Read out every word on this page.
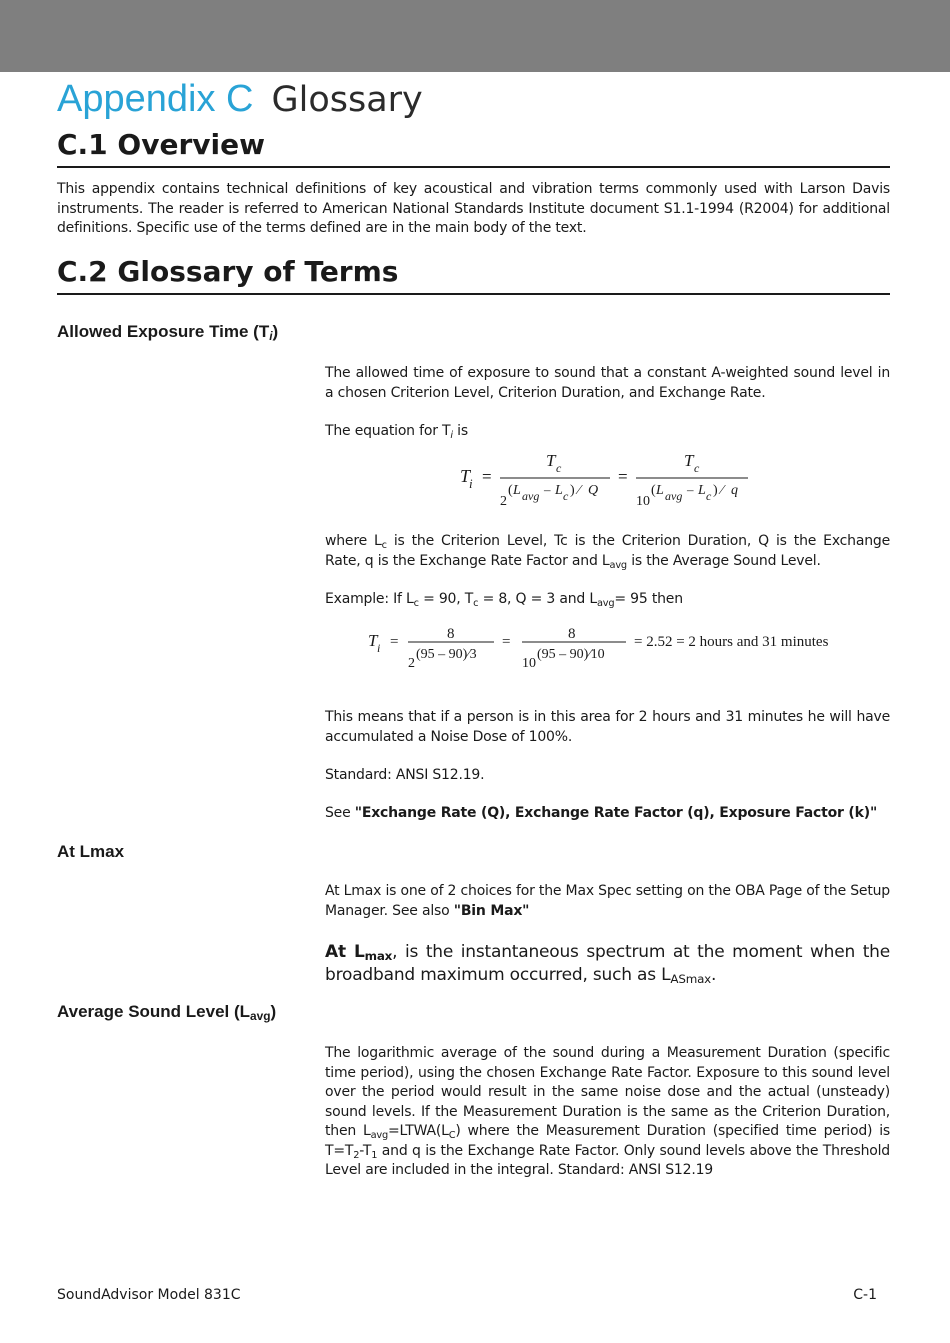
Appendix C Glossary
C.1 Overview
This appendix contains technical definitions of key acoustical and vibration terms commonly used with Larson Davis instruments. The reader is referred to American National Standards Institute document S1.1-1994 (R2004) for additional definitions. Specific use of the terms defined are in the main body of the text.
C.2 Glossary of Terms
Allowed Exposure Time $(T_i)$
The allowed time of exposure to sound that a constant A-weighted sound level in a chosen Criterion Level, Criterion Duration, and Exchange Rate.
The equation for $T_i$ is
T
i =
T c
2
( L avg – L c ) ⁄ Q
=
T c
10
( L avg – L c ) ⁄ q
where $L_c$ is the Criterion Level, Tc is the Criterion Duration, Q is the Exchange Rate, q is the Exchange Rate Factor and $L_{avg}$ is the Average Sound Level.
Example: If $L_c = 90$, $T_c = 8$, Q = 3 and $L_{avg}= 95$ then
T i =	8
2
(95 – 90)⁄3
=	8
10
(95 – 90)⁄10
= 2.52 = 2 hours and 31 minutes
This means that if a person is in this area for 2 hours and 31 minutes he will have accumulated a Noise Dose of 100%.
Standard: ANSI S12.19.
See "Exchange Rate (Q), Exchange Rate Factor (q), Exposure Factor (k)"
At Lmax
At Lmax is one of 2 choices for the Max Spec setting on the OBA Page of the Setup Manager. See also "Bin Max"
At $L_{max}$, is the instantaneous spectrum at the moment when the broadband maximum occurred, such as $L_{ASmax}$.
Average Sound Level $(L_{avg})$
The logarithmic average of the sound during a Measurement Duration (specific time period), using the chosen Exchange Rate Factor. Exposure to this sound level over the period would result in the same noise dose and the actual (unsteady) sound levels. If the Measurement Duration is the same as the Criterion Duration, then $L_{avg}=LTWA(L_C)$ where the Measurement Duration (specified time period) is $T=T_2-T_1$ and q is the Exchange Rate Factor. Only sound levels above the Threshold Level are included in the integral. Standard: ANSI S12.19
SoundAdvisor Model 831C	C-1
